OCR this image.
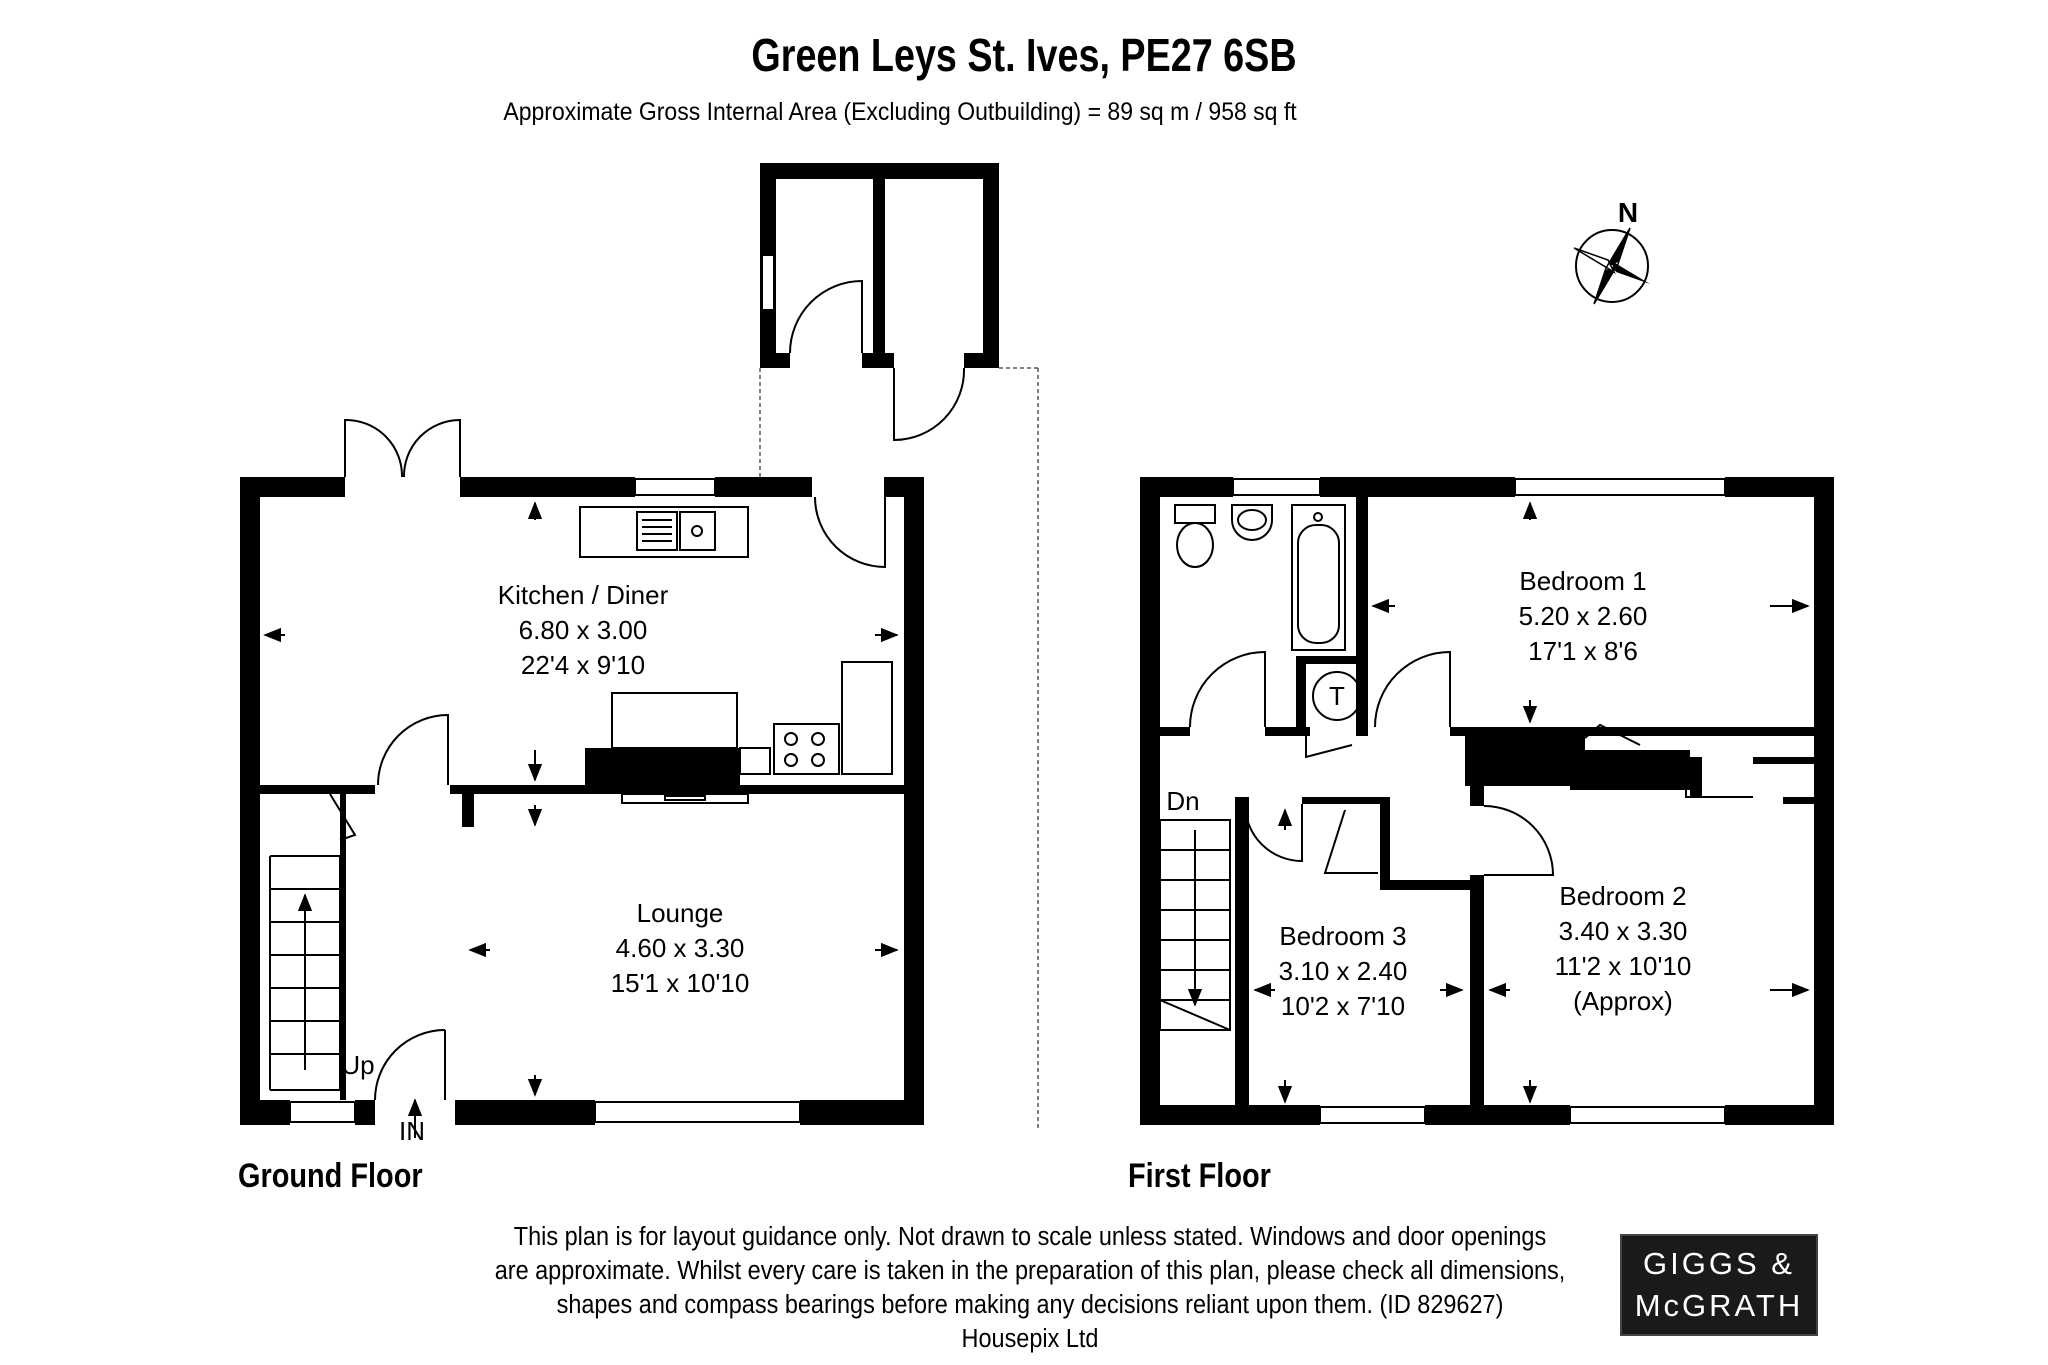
Green Leys St. Ives, PE27 6SB
Approximate Gross Internal Area (Excluding Outbuilding) = 89 sq m / 958 sq ft
Kitchen / Diner
6.80 x 3.00
22'4 x 9'10
Lounge
4.60 x 3.30
15'1 x 10'10
Bedroom 1
5.20 x 2.60
17'1 x 8'6
Bedroom 2
3.40 x 3.30
11'2 x 10'10
(Approx)
Bedroom 3
3.10 x 2.40
10'2 x 7'10
Dn
Up
IN
T
N
Ground Floor	First Floor
This plan is for layout guidance only. Not drawn to scale unless stated. Windows and door openings
are approximate. Whilst every care is taken in the preparation of this plan, please check all dimensions,
shapes and compass bearings before making any decisions reliant upon them. (ID 829627)
Housepix Ltd
GIGGS &
McGRATH
